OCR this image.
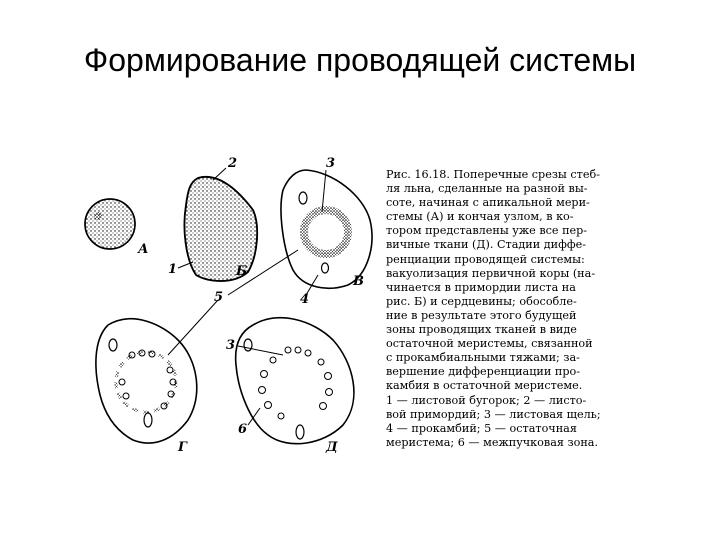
Формирование проводящей системы
А
Б
В
Г	Д
1
2	3
4
5
3
6
Рис. 16.18. Поперечные срезы стеб-
ля льна, сделанные на разной вы-
соте, начиная с апикальной мери-
стемы (А) и кончая узлом, в ко-
тором представлены уже все пер-
вичные ткани (Д). Стадии диффе-
ренциации проводящей системы:
вакуолизация первичной коры (на-
чинается в примордии листа на
рис. Б) и сердцевины; обособле-
ние в результате этого будущей
зоны проводящих тканей в виде
остаточной меристемы, связанной
с прокамбиальными тяжами; за-
вершение дифференциации про-
камбия в остаточной меристеме.
1 — листовой бугорок; 2 — листо-
вой примордий; 3 — листовая щель;
4 — прокамбий; 5 — остаточная
меристема; 6 — межпучковая зона.
